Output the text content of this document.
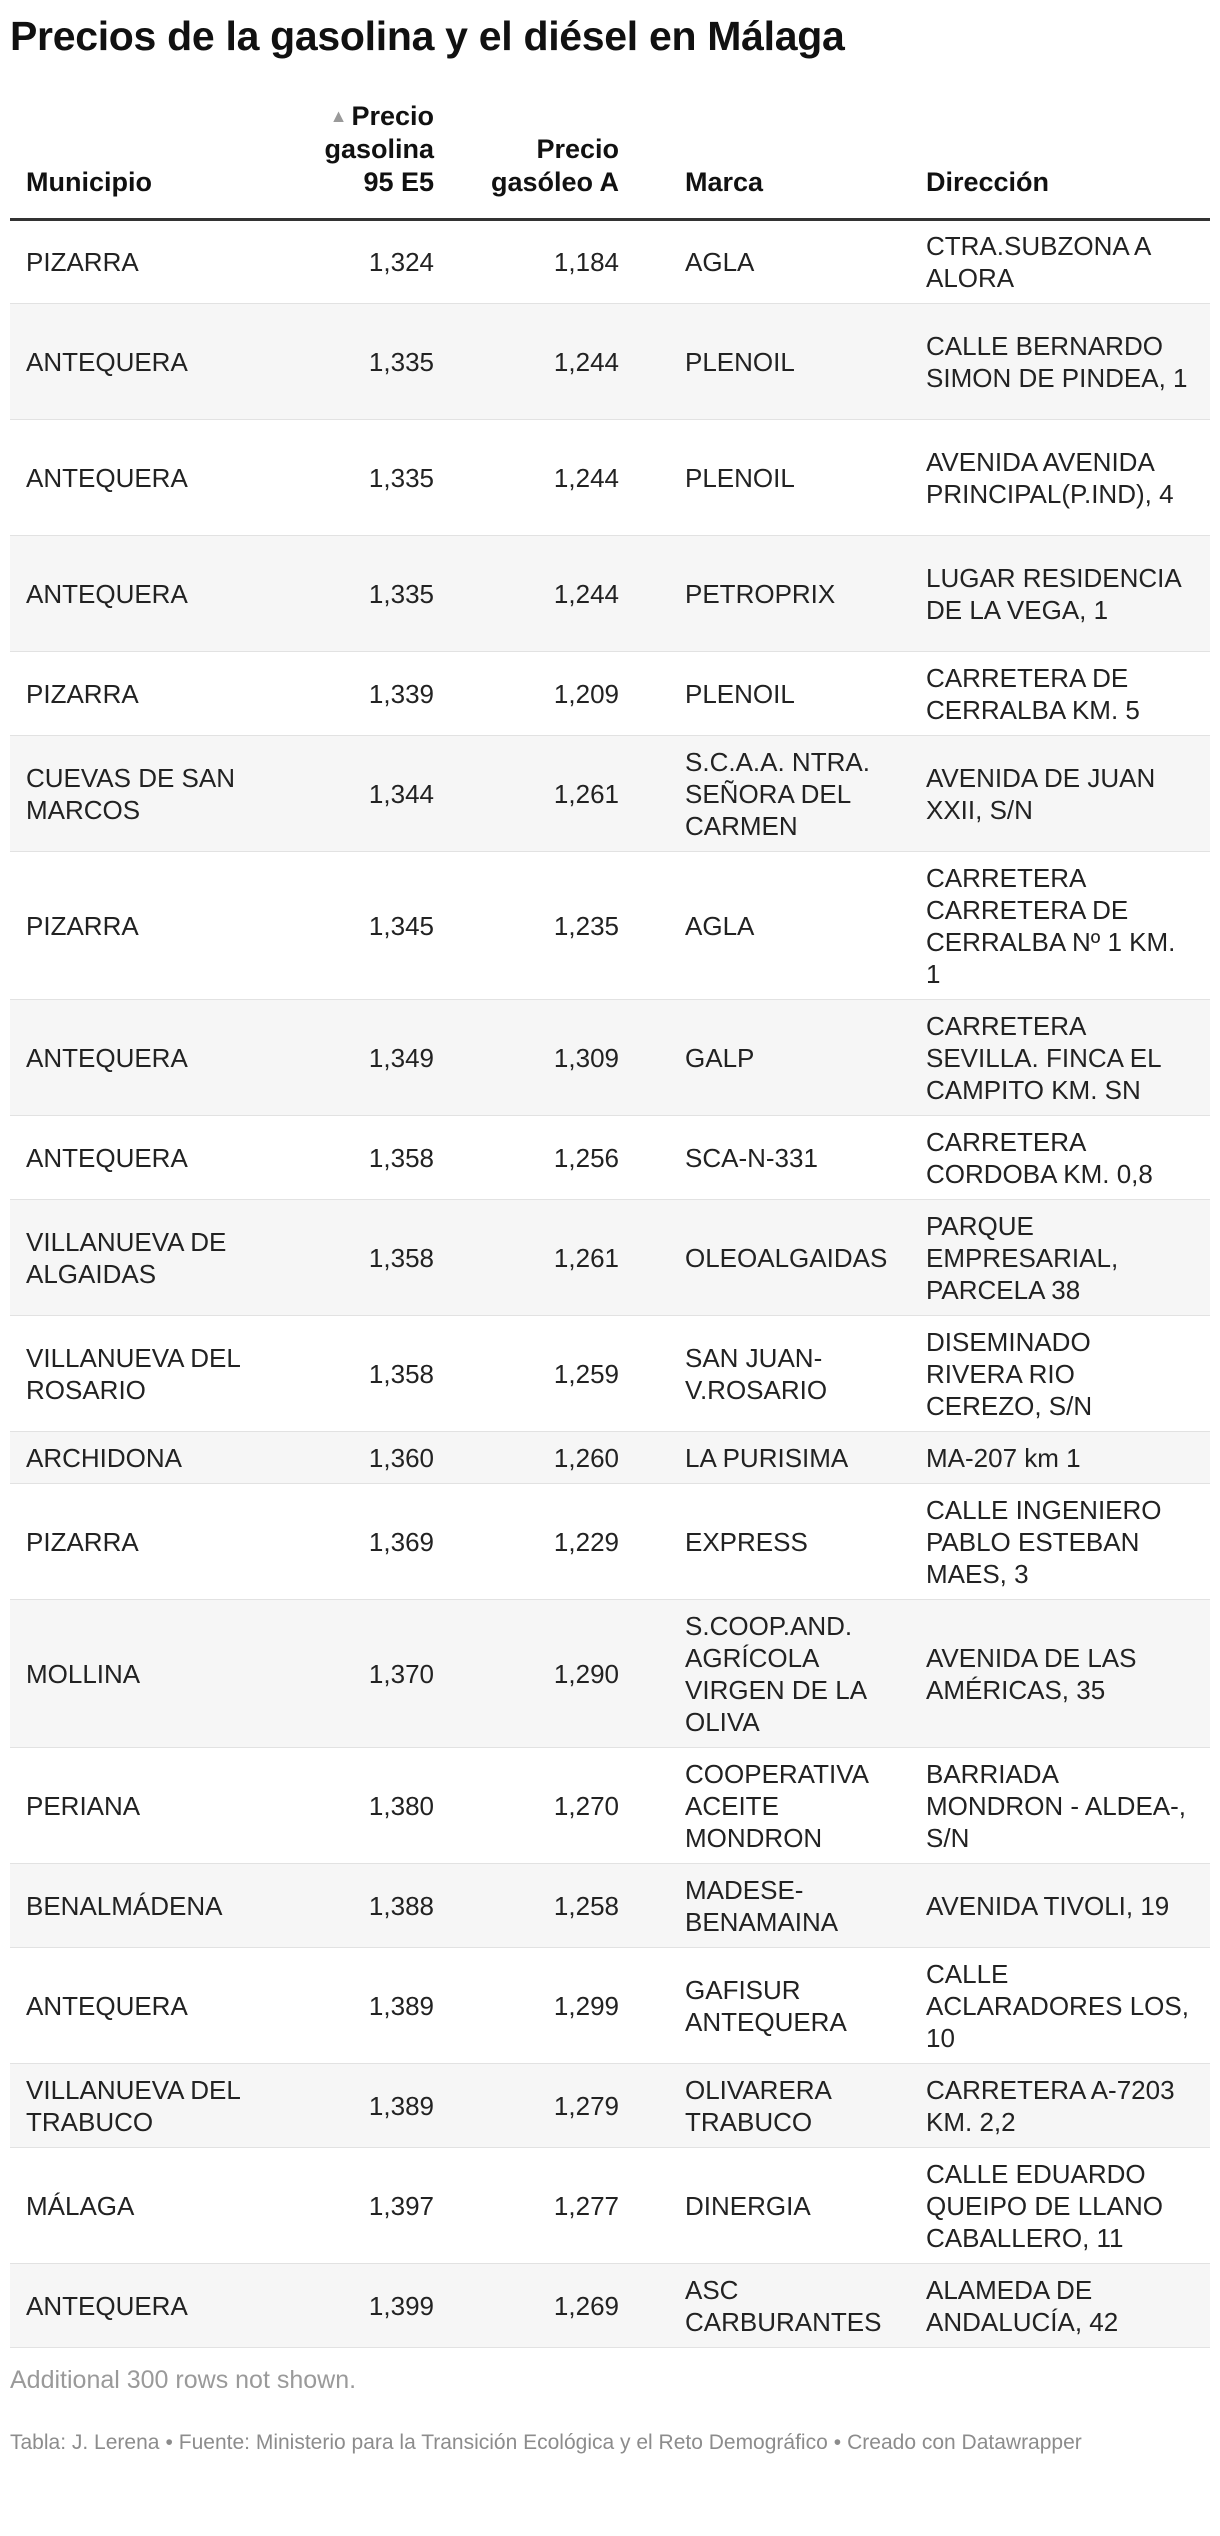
Precios de la gasolina y el diésel en Málaga
Municipio	▲ Precio gasolina 95 E5	Precio gasóleo A	Marca	Dirección
PIZARRA	1,324	1,184	AGLA	CTRA.SUBZONA A ALORA
ANTEQUERA	1,335	1,244	PLENOIL	CALLE BERNARDO SIMON DE PINDEA, 1
ANTEQUERA	1,335	1,244	PLENOIL	AVENIDA AVENIDA PRINCIPAL(P.IND), 4
ANTEQUERA	1,335	1,244	PETROPRIX	LUGAR RESIDENCIA DE LA VEGA, 1
PIZARRA	1,339	1,209	PLENOIL	CARRETERA DE CERRALBA KM. 5
CUEVAS DE SAN MARCOS	1,344	1,261	S.C.A.A. NTRA. SEÑORA DEL CARMEN	AVENIDA DE JUAN XXII, S/N
PIZARRA	1,345	1,235	AGLA	CARRETERA CARRETERA DE CERRALBA Nº 1 KM. 1
ANTEQUERA	1,349	1,309	GALP	CARRETERA SEVILLA. FINCA EL CAMPITO KM. SN
ANTEQUERA	1,358	1,256	SCA-N-331	CARRETERA CORDOBA KM. 0,8
VILLANUEVA DE ALGAIDAS	1,358	1,261	OLEOALGAIDAS	PARQUE EMPRESARIAL, PARCELA 38
VILLANUEVA DEL ROSARIO	1,358	1,259	SAN JUAN-V.ROSARIO	DISEMINADO RIVERA RIO CEREZO, S/N
ARCHIDONA	1,360	1,260	LA PURISIMA	MA-207 km 1
PIZARRA	1,369	1,229	EXPRESS	CALLE INGENIERO PABLO ESTEBAN MAES, 3
MOLLINA	1,370	1,290	S.COOP.AND. AGRÍCOLA VIRGEN DE LA OLIVA	AVENIDA DE LAS AMÉRICAS, 35
PERIANA	1,380	1,270	COOPERATIVA ACEITE MONDRON	BARRIADA MONDRON - ALDEA-, S/N
BENALMÁDENA	1,388	1,258	MADESE-BENAMAINA	AVENIDA TIVOLI, 19
ANTEQUERA	1,389	1,299	GAFISUR ANTEQUERA	CALLE ACLARADORES LOS, 10
VILLANUEVA DEL TRABUCO	1,389	1,279	OLIVARERA TRABUCO	CARRETERA A-7203 KM. 2,2
MÁLAGA	1,397	1,277	DINERGIA	CALLE EDUARDO QUEIPO DE LLANO CABALLERO, 11
ANTEQUERA	1,399	1,269	ASC CARBURANTES	ALAMEDA DE ANDALUCÍA, 42
Additional 300 rows not shown.
Tabla: J. Lerena • Fuente: Ministerio para la Transición Ecológica y el Reto Demográfico • Creado con Datawrapper
